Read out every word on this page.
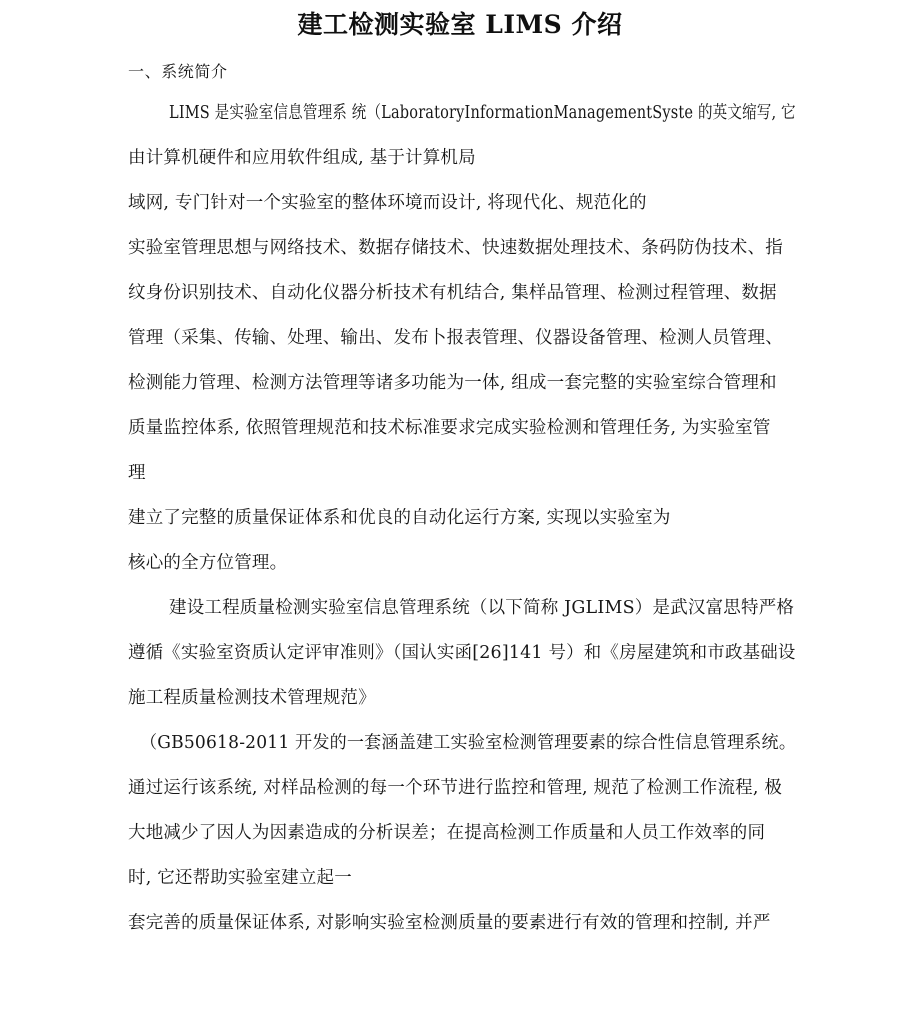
建工检测实验室 LIMS 介绍
一、系统简介
LIMS 是实验室信息管理系 统（LaboratoryInformationManagementSyste 的英文缩写, 它
由计算机硬件和应用软件组成, 基于计算机局
域网, 专门针对一个实验室的整体环境而设计, 将现代化、规范化的
实验室管理思想与网络技术、数据存储技术、快速数据处理技术、条码防伪技术、指
纹身份识别技术、自动化仪器分析技术有机结合, 集样品管理、检测过程管理、数据
管理（采集、传输、处理、输出、发布卜报表管理、仪器设备管理、检测人员管理、
检测能力管理、检测方法管理等诸多功能为一体, 组成一套完整的实验室综合管理和
质量监控体系, 依照管理规范和技术标准要求完成实验检测和管理任务, 为实验室管
理
建立了完整的质量保证体系和优良的自动化运行方案, 实现以实验室为
核心的全方位管理。
建设工程质量检测实验室信息管理系统（以下简称 JGLIMS）是武汉富思特严格
遵循《实验室资质认定评审准则》（国认实函[26]141 号）和《房屋建筑和市政基础设
施工程质量检测技术管理规范》
（GB50618-2011 开发的一套涵盖建工实验室检测管理要素的综合性信息管理系统。
通过运行该系统, 对样品检测的每一个环节进行监控和管理, 规范了检测工作流程, 极
大地减少了因人为因素造成的分析误差；在提高检测工作质量和人员工作效率的同
时, 它还帮助实验室建立起一
套完善的质量保证体系, 对影响实验室检测质量的要素进行有效的管理和控制, 并严
